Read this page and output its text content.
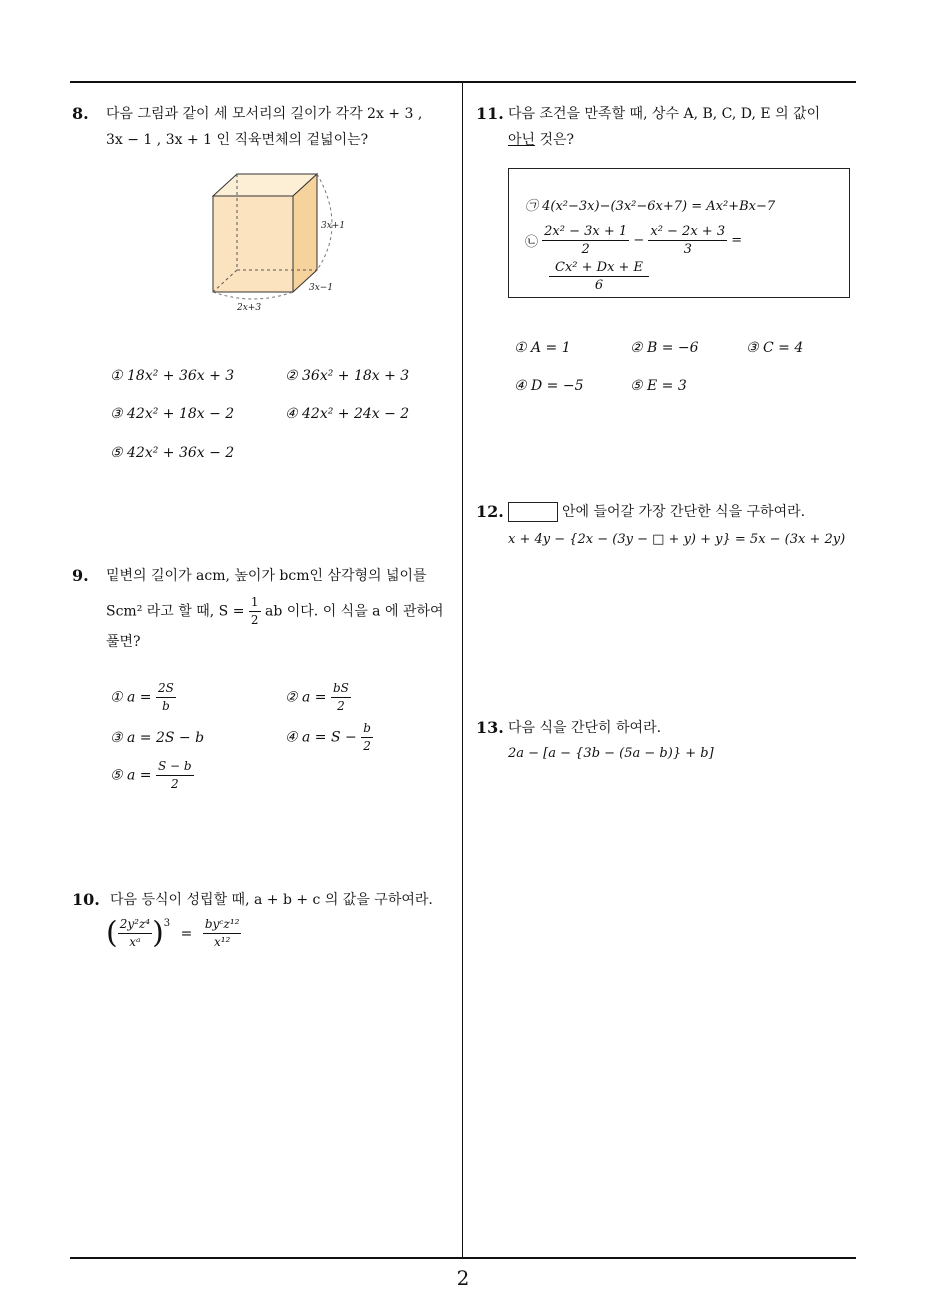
8. 다음 그림과 같이 세 모서리의 길이가 각각 2x + 3 ,
3x − 1 , 3x + 1 인 직육면체의 겉넓이는?
3x+1
3x−1
2x+3
① 18x² + 36x + 3	② 36x² + 18x + 3
③ 42x² + 18x − 2	④ 42x² + 24x − 2
⑤ 42x² + 36x − 2
9. 밑변의 길이가 acm, 높이가 bcm인 삼각형의 넓이를
Scm² 라고 할 때, $S = \frac{1}{2}$ ab 이다. 이 식을 a 에 관하여
풀면?
① $a = \frac{2S}{b}$	② $a = \frac{bS}{2}$
③ a = 2S − b	④ $a = S - \frac{b}{2}$
⑤ $a = \frac{S - b}{2}$
10. 다음 등식이 성립할 때, a + b + c 의 값을 구하여라.
( $\frac{\text{2y²z⁴}}{\text{xᵃ}} )^3 = \frac{\text{byᶜz¹²}}{\text{x¹²}}$
11. 다음 조건을 만족할 때, 상수 A, B, C, D, E 의 값이
아닌 것은?
① A = 1	② B = −6	③ C = 4
④ D = −5	⑤ E = 3
㉠ 4(x²−3x)−(3x²−6x+7) = Ax²+Bx−7
㉡ $\frac{\text{2x² − 3x + 1}}{2} - \frac{\text{x² − 2x + 3}}{3}$ =
$\frac{\text{Cx² + Dx + E}}{6}$
12.	안에 들어갈 가장 간단한 식을 구하여라.
x + 4y − {2x − (3y − □ + y) + y} = 5x − (3x + 2y)
13. 다음 식을 간단히 하여라.
2a − [a − {3b − (5a − b)} + b]
2
